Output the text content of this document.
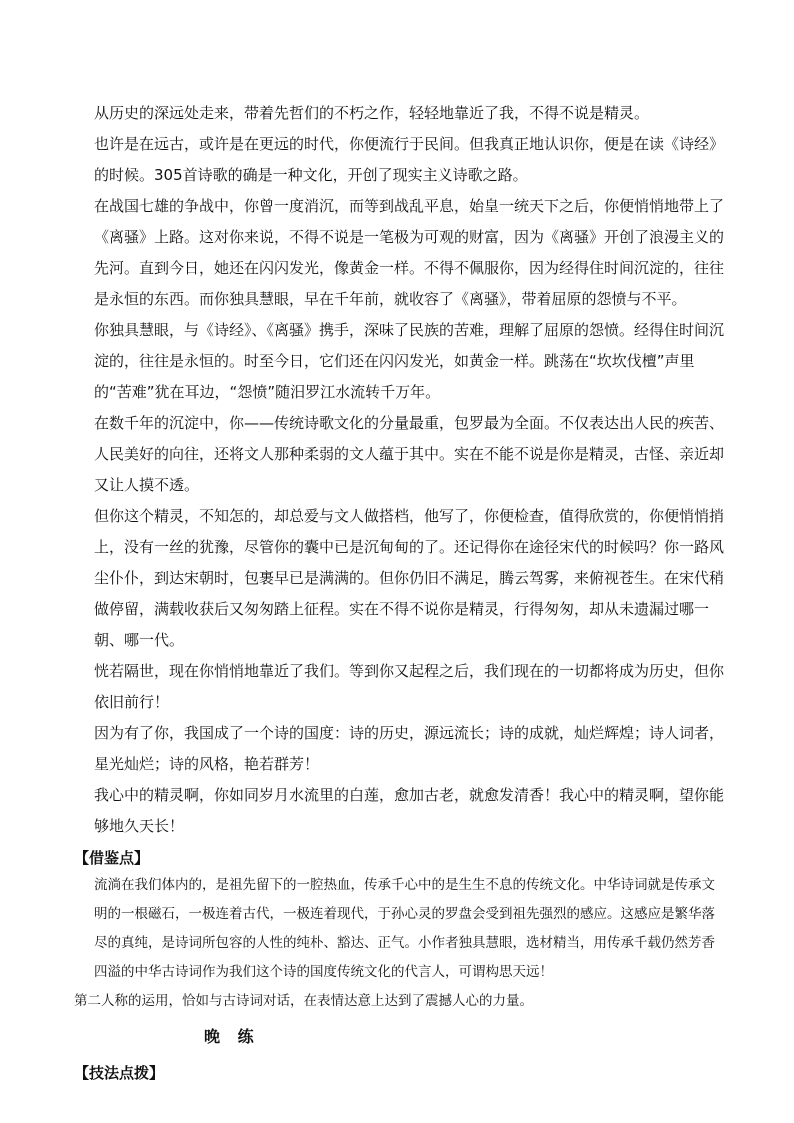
从历史的深远处走来，带着先哲们的不朽之作，轻轻地靠近了我，不得不说是精灵。

也许是在远古，或许是在更远的时代，你便流行于民间。但我真正地认识你，便是在读《诗经》的时候。305首诗歌的确是一种文化，开创了现实主义诗歌之路。

在战国七雄的争战中，你曾一度消沉，而等到战乱平息，始皇一统天下之后，你便悄悄地带上了《离骚》上路。这对你来说，不得不说是一笔极为可观的财富，因为《离骚》开创了浪漫主义的先河。直到今日，她还在闪闪发光，像黄金一样。不得不佩服你，因为经得住时间沉淀的，往往是永恒的东西。而你独具慧眼，早在千年前，就收容了《离骚》，带着屈原的怨愤与不平。

你独具慧眼，与《诗经》、《离骚》携手，深味了民族的苦难，理解了屈原的怨愤。经得住时间沉淀的，往往是永恒的。时至今日，它们还在闪闪发光，如黄金一样。跳荡在“坎坎伐檀”声里的“苦难”犹在耳边，“怨愤”随汨罗江水流转千万年。

在数千年的沉淀中，你——传统诗歌文化的分量最重，包罗最为全面。不仅表达出人民的疾苦、人民美好的向往，还将文人那种柔弱的文人蕴于其中。实在不能不说是你是精灵，古怪、亲近却又让人摸不透。

但你这个精灵，不知怎的，却总爱与文人做搭档，他写了，你便检查，值得欣赏的，你便悄悄捎上，没有一丝的犹豫，尽管你的囊中已是沉甸甸的了。还记得你在途径宋代的时候吗？你一路风尘仆仆，到达宋朝时，包裹早已是满满的。但你仍旧不满足，腾云驾雾，来俯视苍生。在宋代稍做停留，满载收获后又匆匆踏上征程。实在不得不说你是精灵，行得匆匆，却从未遗漏过哪一朝、哪一代。

恍若隔世，现在你悄悄地靠近了我们。等到你又起程之后，我们现在的一切都将成为历史，但你依旧前行！

因为有了你，我国成了一个诗的国度：诗的历史，源远流长；诗的成就，灿烂辉煌；诗人词者，星光灿烂；诗的风格，艳若群芳！

我心中的精灵啊，你如同岁月水流里的白莲，愈加古老，就愈发清香！我心中的精灵啊，望你能够地久天长！

【借鉴点】

流淌在我们体内的，是祖先留下的一腔热血，传承千心中的是生生不息的传统文化。中华诗词就是传承文明的一根磁石，一极连着古代，一极连着现代，于孙心灵的罗盘会受到祖先强烈的感应。这感应是繁华落尽的真纯，是诗词所包容的人性的纯朴、豁达、正气。小作者独具慧眼，选材精当，用传承千载仍然芳香四溢的中华古诗词作为我们这个诗的国度传统文化的代言人，可谓构思天远！

第二人称的运用，恰如与古诗词对话，在表情达意上达到了震撼人心的力量。

晚 练
【技法点拨】
